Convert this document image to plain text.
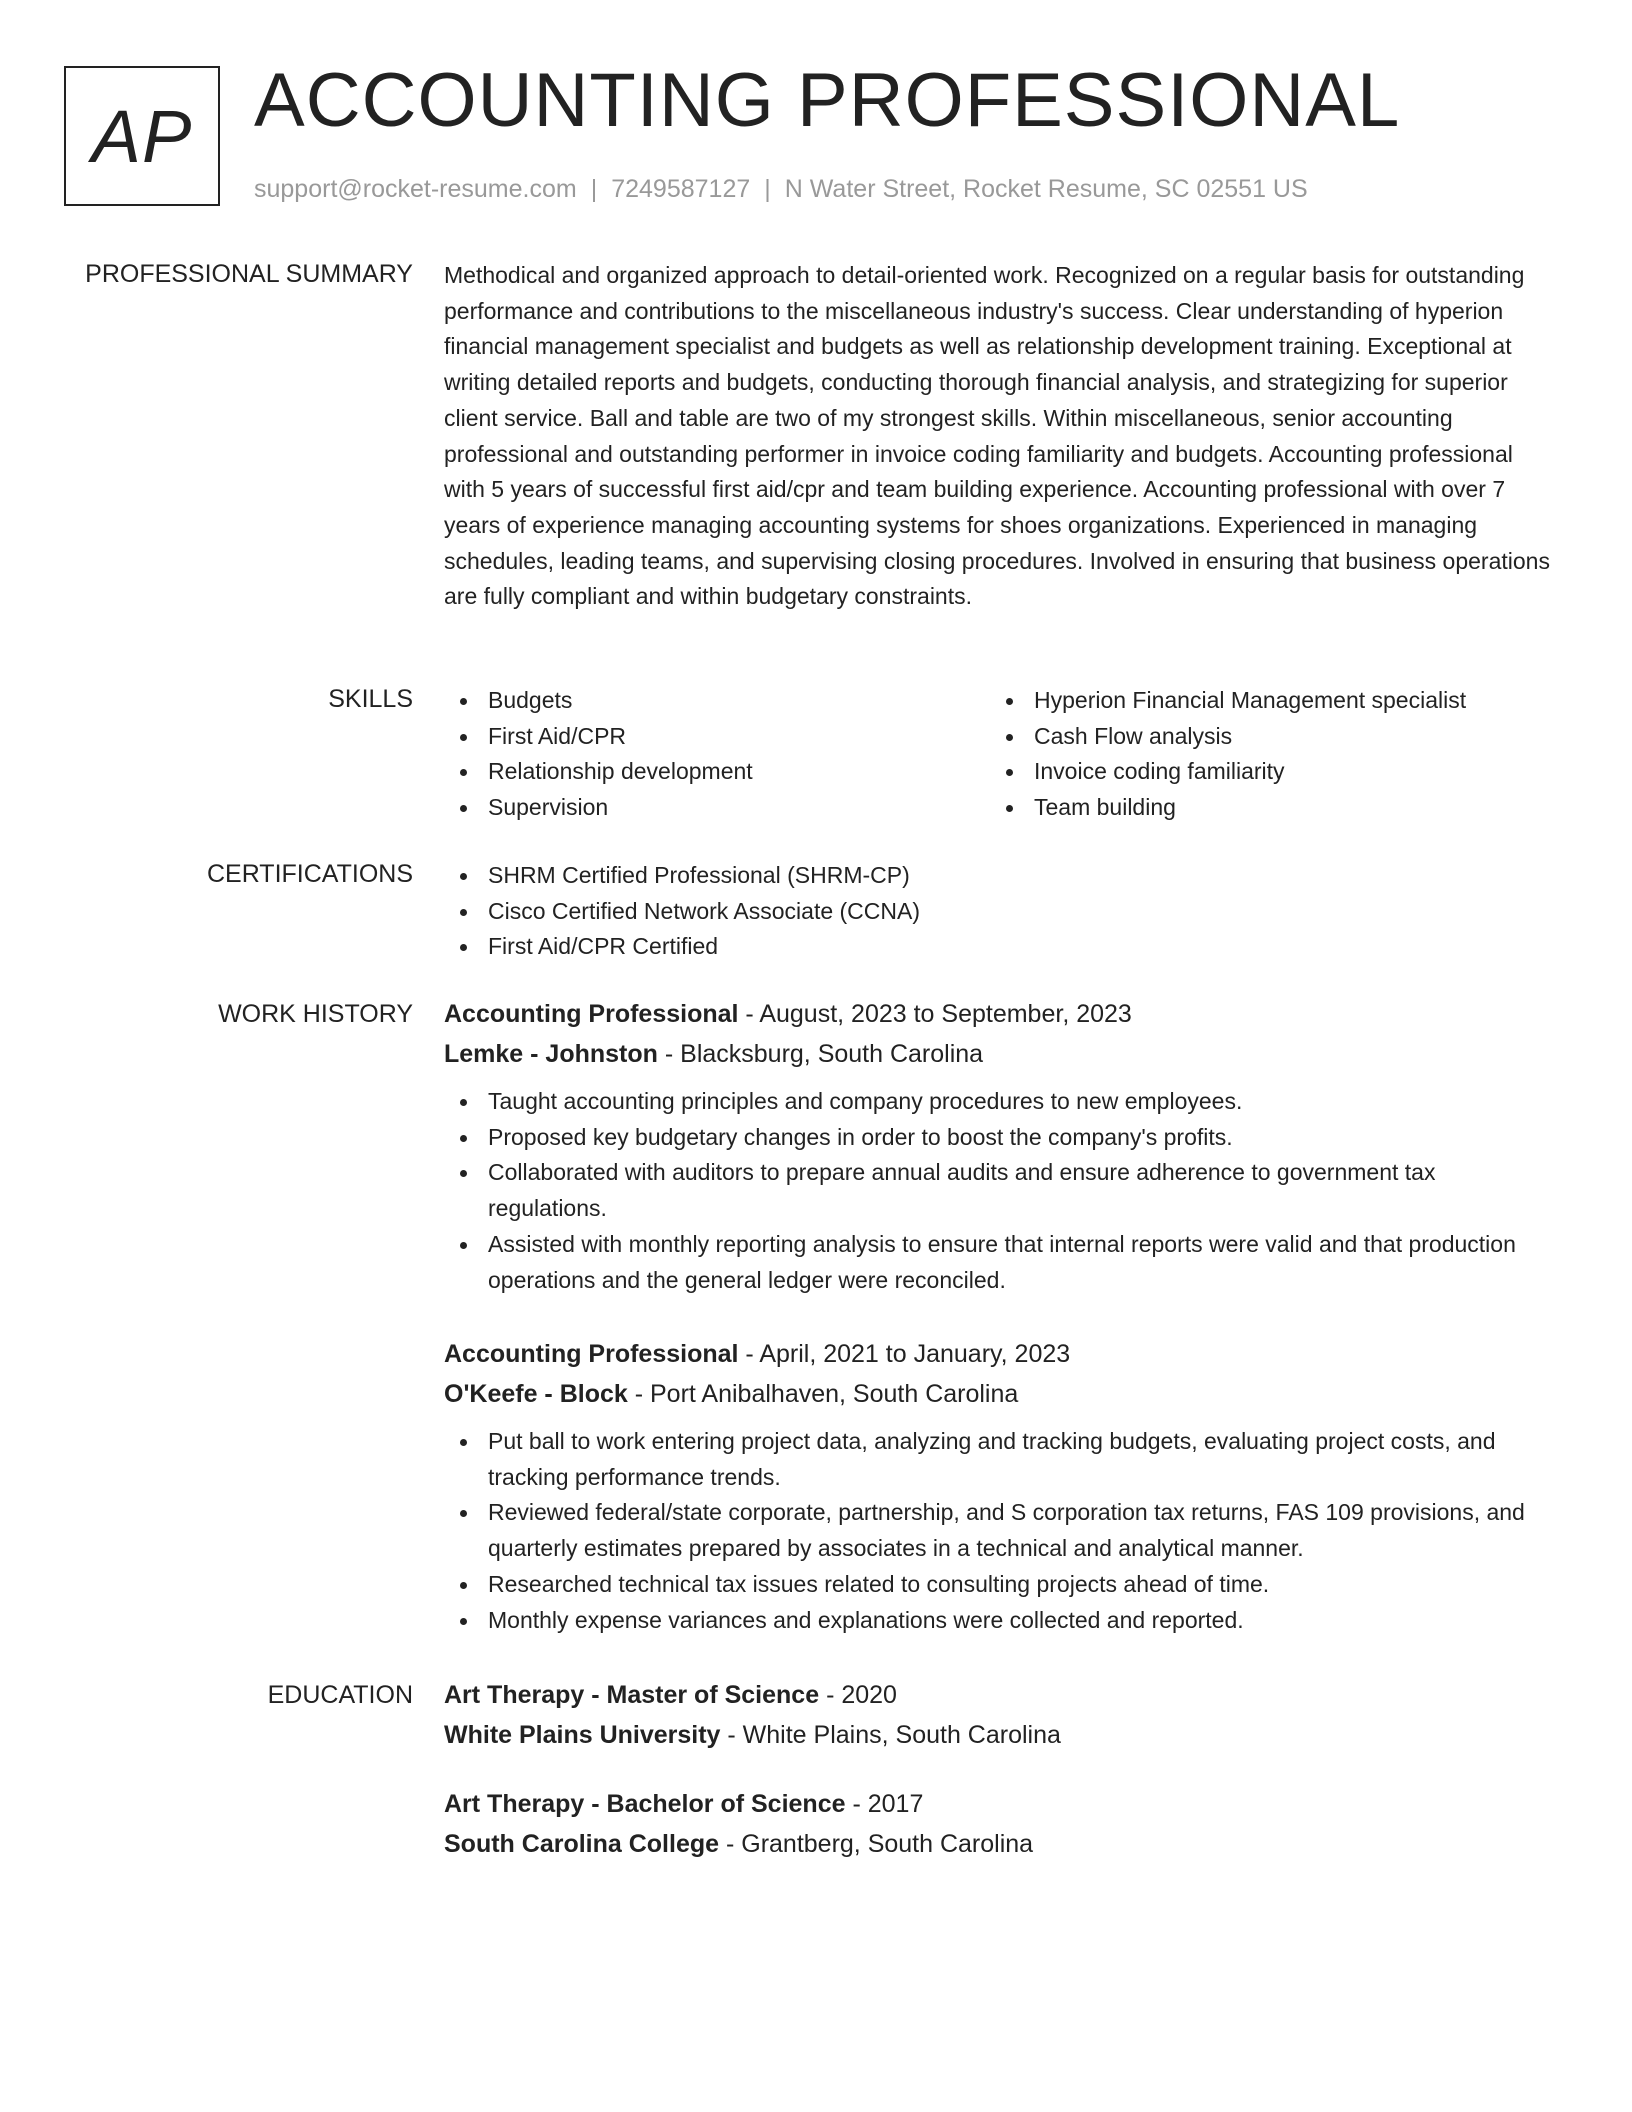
AP ACCOUNTING PROFESSIONAL
support@rocket-resume.com | 7249587127 | N Water Street, Rocket Resume, SC 02551 US
PROFESSIONAL SUMMARY Methodical and organized approach to detail-oriented work. Recognized on a regular basis for outstanding performance and contributions to the miscellaneous industry's success. Clear understanding of hyperion financial management specialist and budgets as well as relationship development training. Exceptional at writing detailed reports and budgets, conducting thorough financial analysis, and strategizing for superior client service. Ball and table are two of my strongest skills. Within miscellaneous, senior accounting professional and outstanding performer in invoice coding familiarity and budgets. Accounting professional with 5 years of successful first aid/cpr and team building experience. Accounting professional with over 7 years of experience managing accounting systems for shoes organizations. Experienced in managing schedules, leading teams, and supervising closing procedures. Involved in ensuring that business operations are fully compliant and within budgetary constraints.

SKILLS	Budgets
First Aid/CPR
Relationship development
Supervision
Hyperion Financial Management specialist
Cash Flow analysis
Invoice coding familiarity
Team building
CERTIFICATIONS	SHRM Certified Professional (SHRM-CP)
Cisco Certified Network Associate (CCNA)
First Aid/CPR Certified
WORK HISTORY Accounting Professional - August, 2023 to September, 2023
Lemke - Johnston - Blacksburg, South Carolina
Taught accounting principles and company procedures to new employees.
Proposed key budgetary changes in order to boost the company's profits.
Collaborated with auditors to prepare annual audits and ensure adherence to government tax regulations.
Assisted with monthly reporting analysis to ensure that internal reports were valid and that production operations and the general ledger were reconciled.
Accounting Professional - April, 2021 to January, 2023
O'Keefe - Block - Port Anibalhaven, South Carolina
Put ball to work entering project data, analyzing and tracking budgets, evaluating project costs, and tracking performance trends.
Reviewed federal/state corporate, partnership, and S corporation tax returns, FAS 109 provisions, and quarterly estimates prepared by associates in a technical and analytical manner.
Researched technical tax issues related to consulting projects ahead of time.
Monthly expense variances and explanations were collected and reported.
EDUCATION Art Therapy - Master of Science - 2020
White Plains University - White Plains, South Carolina
Art Therapy - Bachelor of Science - 2017
South Carolina College - Grantberg, South Carolina
